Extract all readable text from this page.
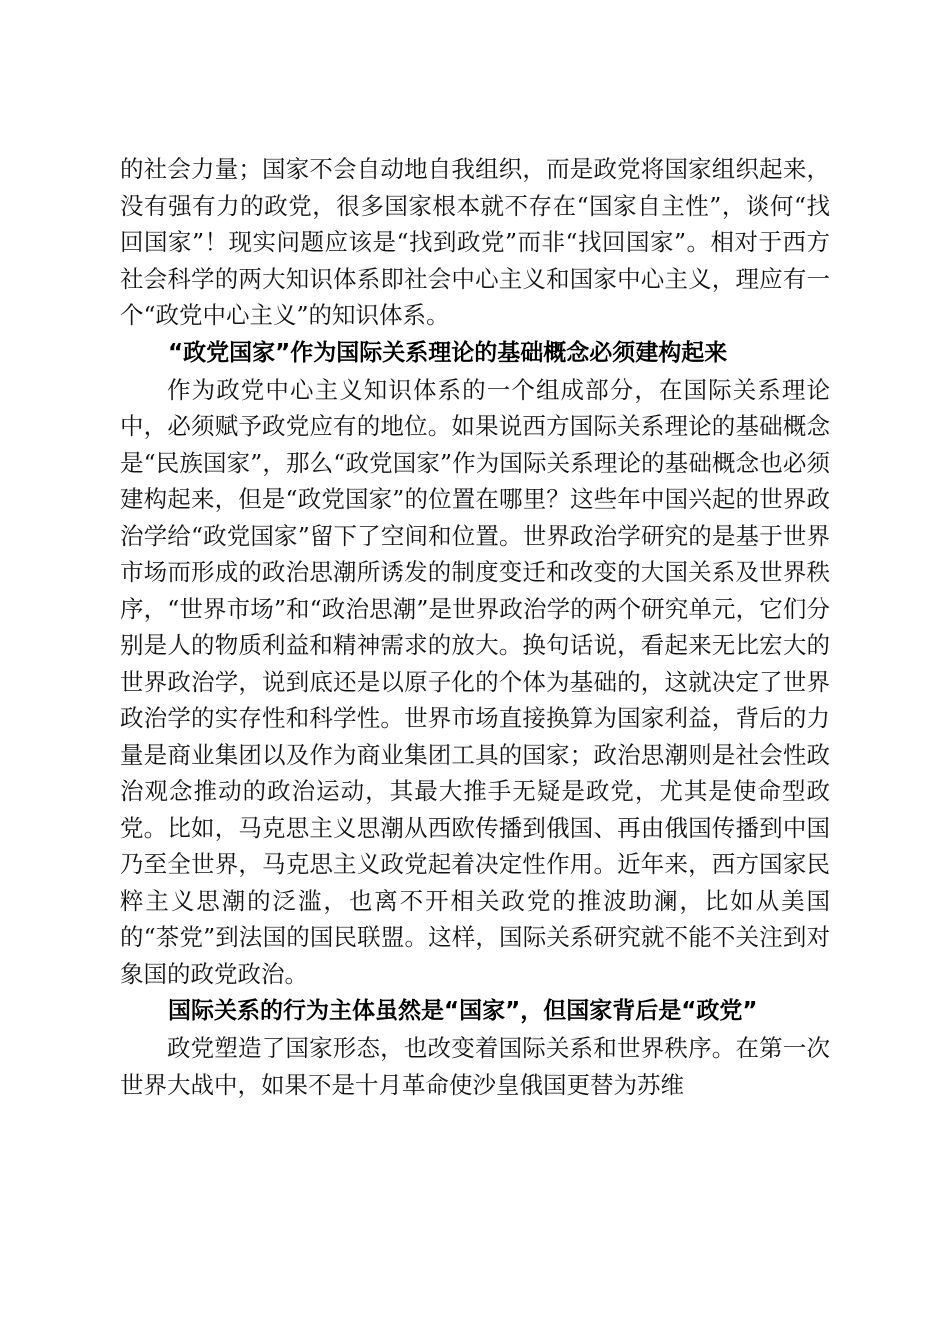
的社会力量；国家不会自动地自我组织，而是政党将国家组织起来，没有强有力的政党，很多国家根本就不存在“国家自主性”，谈何“找回国家”！现实问题应该是“找到政党”而非“找回国家”。相对于西方社会科学的两大知识体系即社会中心主义和国家中心主义，理应有一个“政党中心主义”的知识体系。

“政党国家”作为国际关系理论的基础概念必须建构起来

作为政党中心主义知识体系的一个组成部分，在国际关系理论中，必须赋予政党应有的地位。如果说西方国际关系理论的基础概念是“民族国家”，那么“政党国家”作为国际关系理论的基础概念也必须建构起来，但是“政党国家”的位置在哪里？这些年中国兴起的世界政治学给“政党国家”留下了空间和位置。世界政治学研究的是基于世界市场而形成的政治思潮所诱发的制度变迁和改变的大国关系及世界秩序，“世界市场”和“政治思潮”是世界政治学的两个研究单元，它们分别是人的物质利益和精神需求的放大。换句话说，看起来无比宏大的世界政治学，说到底还是以原子化的个体为基础的，这就决定了世界政治学的实存性和科学性。世界市场直接换算为国家利益，背后的力量是商业集团以及作为商业集团工具的国家；政治思潮则是社会性政治观念推动的政治运动，其最大推手无疑是政党，尤其是使命型政党。比如，马克思主义思潮从西欧传播到俄国、再由俄国传播到中国乃至全世界，马克思主义政党起着决定性作用。近年来，西方国家民粹主义思潮的泛滥，也离不开相关政党的推波助澜，比如从美国的“茶党”到法国的国民联盟。这样，国际关系研究就不能不关注到对象国的政党政治。

国际关系的行为主体虽然是“国家”，但国家背后是“政党”

政党塑造了国家形态，也改变着国际关系和世界秩序。在第一次世界大战中，如果不是十月革命使沙皇俄国更替为苏维
